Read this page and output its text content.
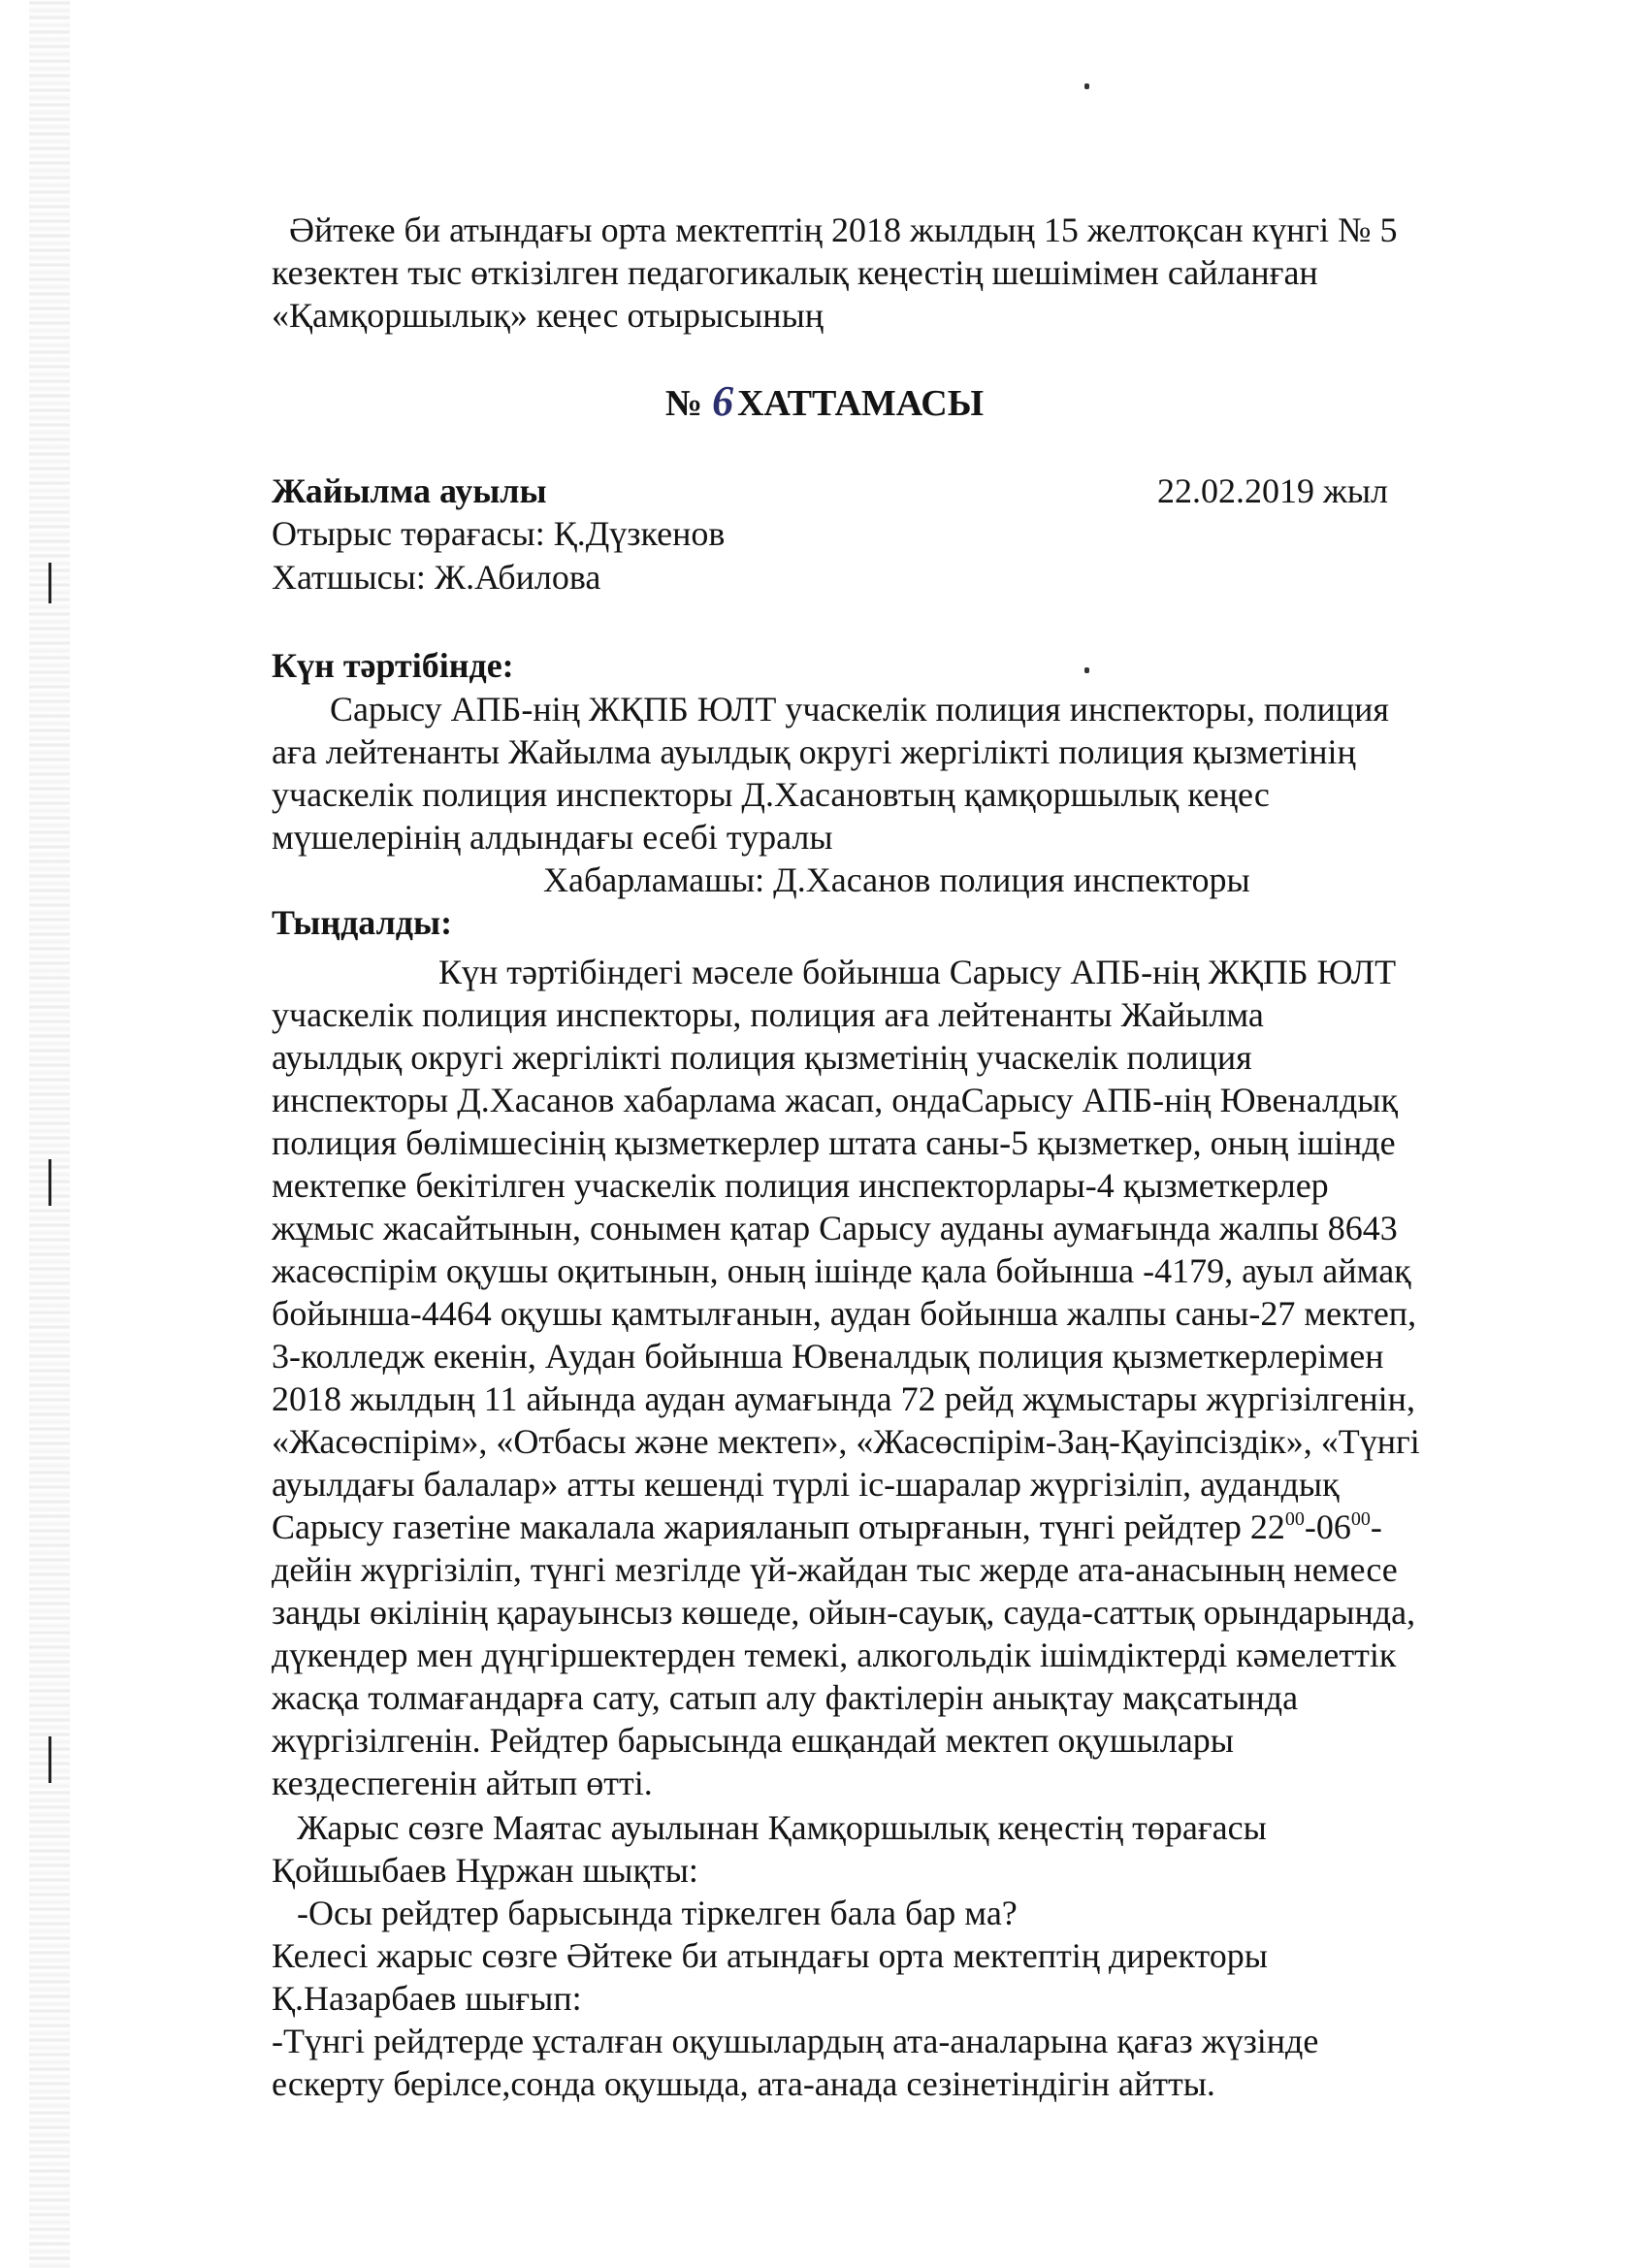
Әйтеке би атындағы орта мектептің 2018 жылдың 15 желтоқсан күнгі № 5
кезектен тыс өткізілген педагогикалық кеңестің шешімімен сайланған
«Қамқоршылық» кеңес отырысының
№ 6 ХАТТАМАСЫ
Жайылма ауылы	22.02.2019 жыл
Отырыс төрағасы: Қ.Дүзкенов
Хатшысы: Ж.Абилова
Күн тәртібінде:
Сарысу АПБ-нің ЖҚПБ ЮЛТ учаскелік полиция инспекторы, полиция
аға лейтенанты Жайылма ауылдық округі жергілікті полиция қызметінің
учаскелік полиция инспекторы Д.Хасановтың қамқоршылық кеңес
мүшелерінің алдындағы есебі туралы
Хабарламашы: Д.Хасанов полиция инспекторы
Тыңдалды:
Күн тәртібіндегі мәселе бойынша Сарысу АПБ-нің ЖҚПБ ЮЛТ
учаскелік полиция инспекторы, полиция аға лейтенанты Жайылма
ауылдық округі жергілікті полиция қызметінің учаскелік полиция
инспекторы Д.Хасанов хабарлама жасап, ондаСарысу АПБ-нің Ювеналдық
полиция бөлімшесінің қызметкерлер штата саны-5 қызметкер, оның ішінде
мектепке бекітілген учаскелік полиция инспекторлары-4 қызметкерлер
жұмыс жасайтынын, сонымен қатар Сарысу ауданы аумағында жалпы 8643
жасөспірім оқушы оқитынын, оның ішінде қала бойынша -4179, ауыл аймақ
бойынша-4464 оқушы қамтылғанын, аудан бойынша жалпы саны-27 мектеп,
3-колледж екенін, Аудан бойынша Ювеналдық полиция қызметкерлерімен
2018 жылдың 11 айында аудан аумағында 72 рейд жұмыстары жүргізілгенін,
«Жасөспірім», «Отбасы және мектеп», «Жасөспірім-Заң-Қауіпсіздік», «Түнгі
ауылдағы балалар» атты кешенді түрлі іс-шаралар жүргізіліп, аудандық
Сарысу газетіне макалала жарияланып отырғанын, түнгі рейдтер $22^{00}-06^{00}-$
дейін жүргізіліп, түнгі мезгілде үй-жайдан тыс жерде ата-анасының немесе
заңды өкілінің қарауынсыз көшеде, ойын-сауық, сауда-саттық орындарында,
дүкендер мен дүңгіршектерден темекі, алкогольдік ішімдіктерді кәмелеттік
жасқа толмағандарға сату, сатып алу фактілерін анықтау мақсатында
жүргізілгенін. Рейдтер барысында ешқандай мектеп оқушылары
кездеспегенін айтып өтті.
Жарыс сөзге Маятас ауылынан Қамқоршылық кеңестің төрағасы
Қойшыбаев Нұржан шықты:
-Осы рейдтер барысында тіркелген бала бар ма?
Келесі жарыс сөзге Әйтеке би атындағы орта мектептің директоры
Қ.Назарбаев шығып:
-Түнгі рейдтерде ұсталған оқушылардың ата-аналарына қағаз жүзінде
ескерту берілсе,сонда оқушыда, ата-анада сезінетіндігін айтты.
